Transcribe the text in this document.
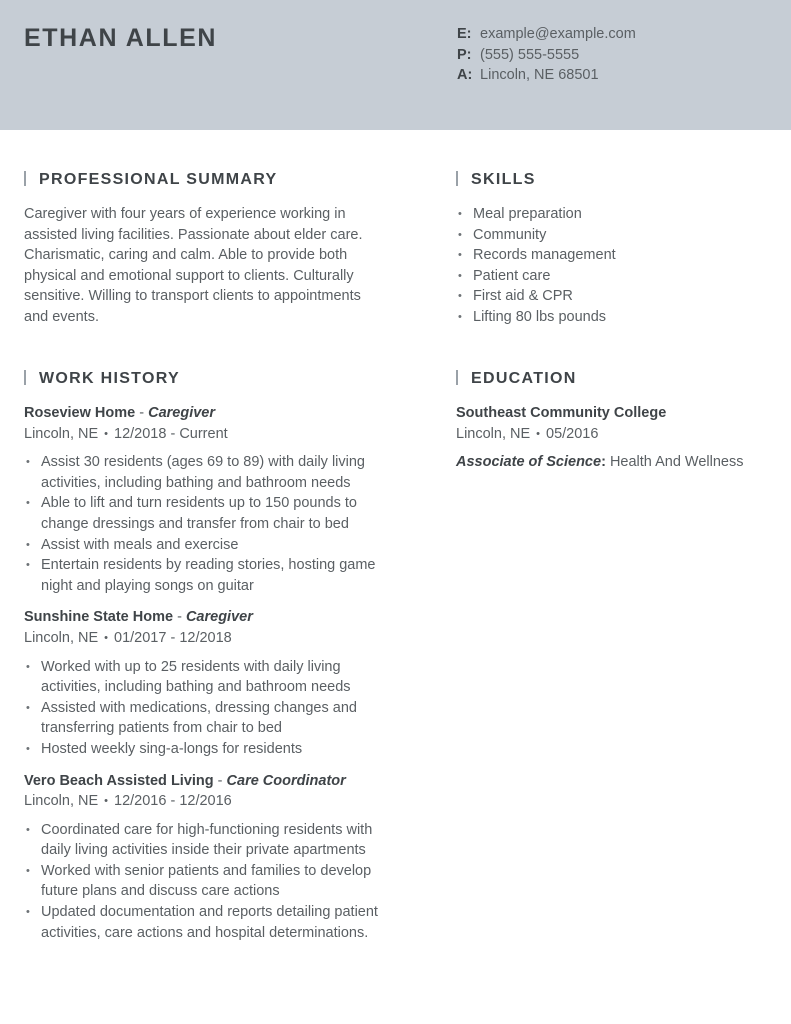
ETHAN ALLEN	E: example@example.com
P: (555) 555-5555
A: Lincoln, NE 68501
PROFESSIONAL SUMMARY
Caregiver with four years of experience working in assisted living facilities. Passionate about elder care. Charismatic, caring and calm. Able to provide both physical and emotional support to clients. Culturally sensitive. Willing to transport clients to appointments and events.
SKILLS
• Meal preparation
• Community
• Records management
• Patient care
• First aid & CPR
• Lifting 80 lbs pounds
WORK HISTORY
Roseview Home - Caregiver
Lincoln, NE • 12/2018 - Current
• Assist 30 residents (ages 69 to 89) with daily living activities, including bathing and bathroom needs
• Able to lift and turn residents up to 150 pounds to change dressings and transfer from chair to bed
• Assist with meals and exercise
• Entertain residents by reading stories, hosting game night and playing songs on guitar
Sunshine State Home - Caregiver
Lincoln, NE • 01/2017 - 12/2018
• Worked with up to 25 residents with daily living activities, including bathing and bathroom needs
• Assisted with medications, dressing changes and transferring patients from chair to bed
• Hosted weekly sing-a-longs for residents
Vero Beach Assisted Living - Care Coordinator
Lincoln, NE • 12/2016 - 12/2016
• Coordinated care for high-functioning residents with daily living activities inside their private apartments
• Worked with senior patients and families to develop future plans and discuss care actions
• Updated documentation and reports detailing patient activities, care actions and hospital determinations.
EDUCATION
Southeast Community College
Lincoln, NE • 05/2016
Associate of Science: Health And Wellness
